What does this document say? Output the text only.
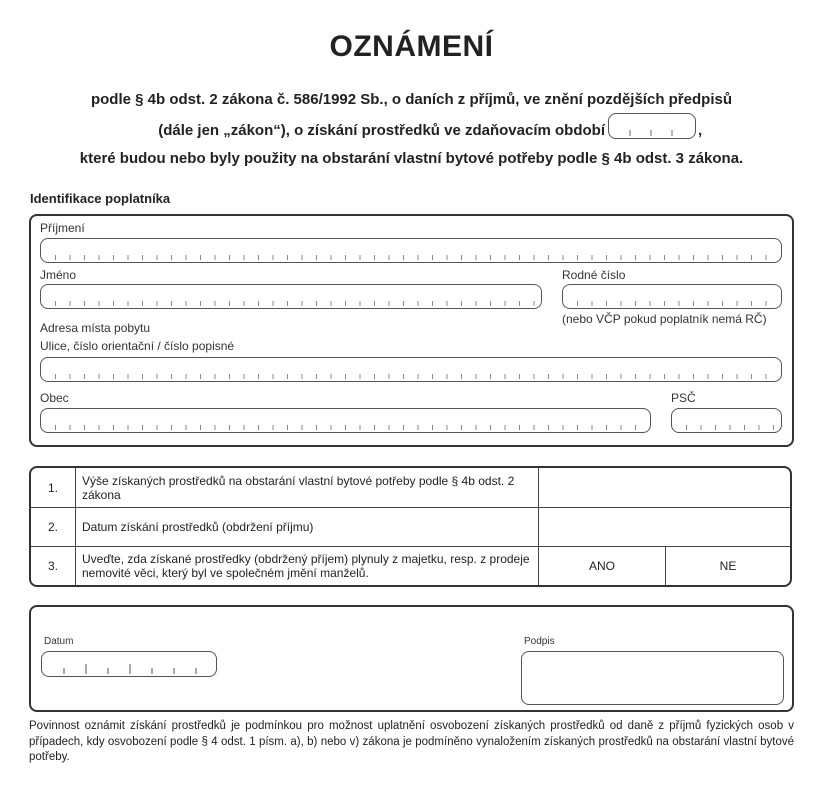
OZNÁMENÍ
podle § 4b odst. 2 zákona č. 586/1992 Sb., o daních z příjmů, ve znění pozdějších předpisů
(dále jen „zákon“), o získání prostředků ve zdaňovacím období	,
které budou nebo byly použity na obstarání vlastní bytové potřeby podle § 4b odst. 3 zákona.
Identifikace poplatníka
Příjmení
Jméno	Rodné číslo
(nebo VČP pokud poplatník nemá RČ)
Adresa místa pobytu
Ulice, číslo orientační / číslo popisné
Obec	PSČ
1.	Výše získaných prostředků na obstarání vlastní bytové potřeby podle § 4b odst. 2 zákona		
2.	Datum získání prostředků (obdržení příjmu)		
3.	Uveďte, zda získané prostředky (obdržený příjem) plynuly z majetku, resp. z prodeje nemovité věci, který byl ve společném jmění manželů.	ANO	NE
Datum	Podpis
Povinnost oznámit získání prostředků je podmínkou pro možnost uplatnění osvobození získaných prostředků od daně z příjmů fyzických osob v případech, kdy osvobození podle § 4 odst. 1 písm. a), b) nebo v) zákona je podmíněno vynaložením získaných prostředků na obstarání vlastní bytové potřeby.
